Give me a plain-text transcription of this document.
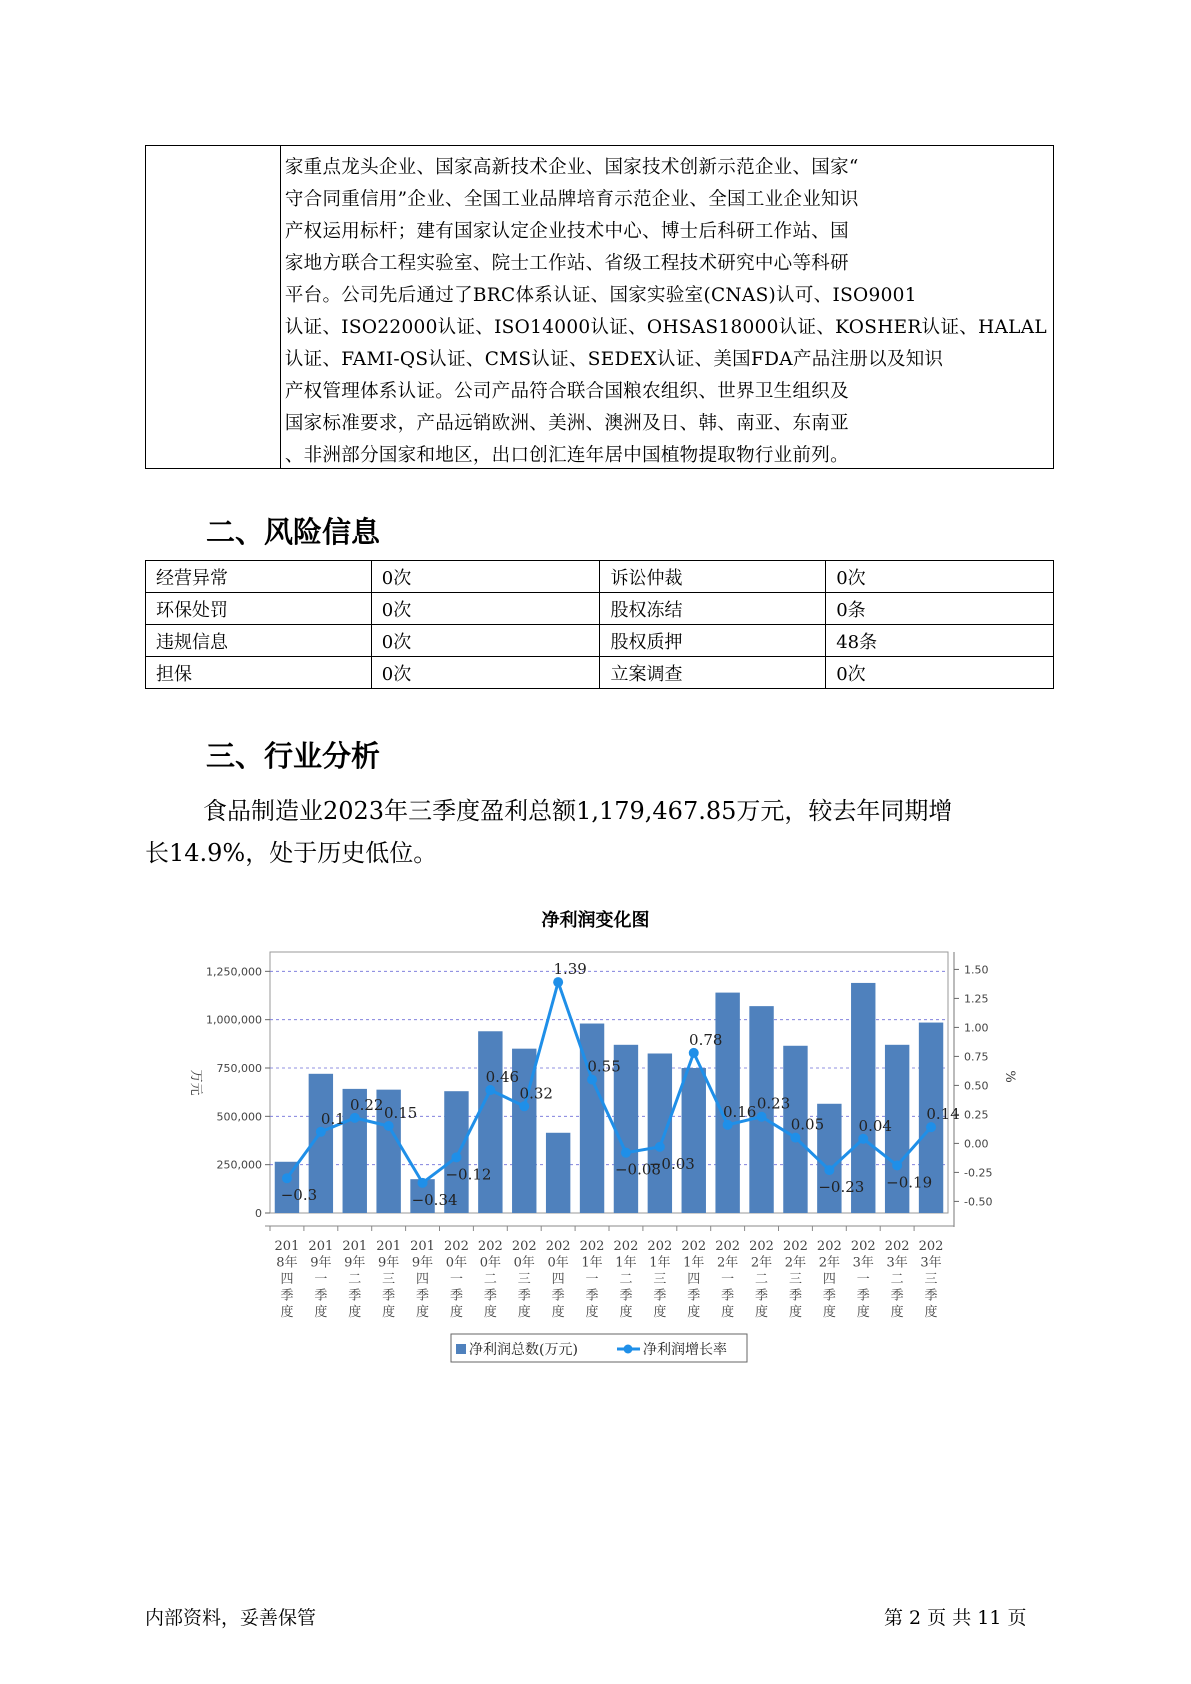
家重点龙头企业、国家高新技术企业、国家技术创新示范企业、国家“
守合同重信用”企业、全国工业品牌培育示范企业、全国工业企业知识
产权运用标杆；建有国家认定企业技术中心、博士后科研工作站、国
家地方联合工程实验室、院士工作站、省级工程技术研究中心等科研
平台。公司先后通过了BRC体系认证、国家实验室(CNAS)认可、ISO9001
认证、ISO22000认证、ISO14000认证、OHSAS18000认证、KOSHER认证、HALAL
认证、FAMI-QS认证、CMS认证、SEDEX认证、美国FDA产品注册以及知识
产权管理体系认证。公司产品符合联合国粮农组织、世界卫生组织及
国家标准要求，产品远销欧洲、美洲、澳洲及日、韩、南亚、东南亚
、非洲部分国家和地区，出口创汇连年居中国植物提取物行业前列。
二、风险信息
经营异常	0次	诉讼仲裁	0次
环保处罚	0次	股权冻结	0条
违规信息	0次	股权质押	48条
担保	0次	立案调查	0次
三、行业分析

食品制造业2023年三季度盈利总额1,179,467.85万元，较去年同期增
长14.9%，处于历史低位。

净利润变化图
0
250,000
500,000
750,000
1,000,000
1,250,000
-0.50
-0.25
0.00
0.25
0.50
0.75
1.00
1.25
1.50
万元	%
−0.3
0.1
0.22 0.15
−0.34
−0.12
0.46
0.32
1.39
0.55
−0.08
−0.03
0.78
0.16 0.23
0.05
−0.23
0.04
−0.19
0.14
201
8年
四
季
度
201
9年
一
季
度
201
9年
二
季
度
201
9年
三
季
度
201
9年
四
季
度
202
0年
一
季
度
202
0年
二
季
度
202
0年
三
季
度
202
0年
四
季
度
202
1年
一
季
度
202
1年
二
季
度
202
1年
三
季
度
202
1年
四
季
度
202
2年
一
季
度
202
2年
二
季
度
202
2年
三
季
度
202
2年
四
季
度
202
3年
一
季
度
202
3年
二
季
度
202
3年
三
季
度
净利润总数(万元)	净利润增长率
内部资料，妥善保管	第 2 页 共 11 页
